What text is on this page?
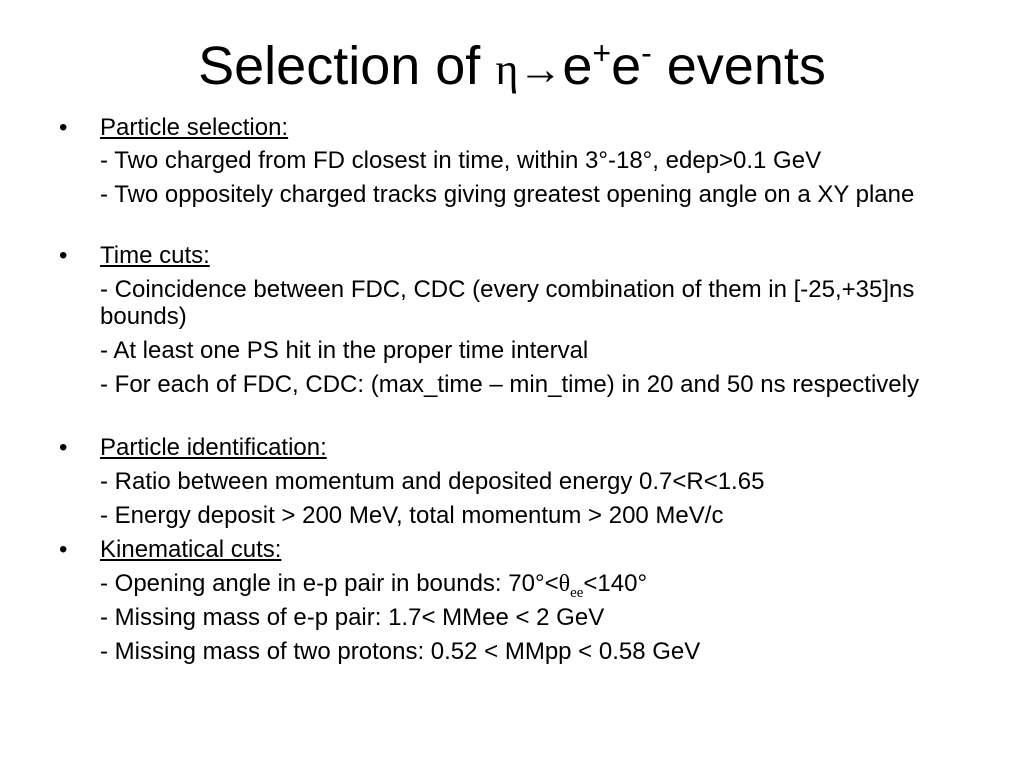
Selection of η→e+e- events
•	Particle selection:
- Two charged from FD closest in time, within 3°-18°, edep>0.1 GeV
- Two oppositely charged tracks giving greatest opening angle on a XY plane
•	Time cuts:
- Coincidence between FDC, CDC (every combination of them in [-25,+35]ns bounds)
- At least one PS hit in the proper time interval
- For each of FDC, CDC: (max_time – min_time) in 20 and 50 ns respectively
•	Particle identification:
- Ratio between momentum and deposited energy 0.7<R<1.65
- Energy deposit > 200 MeV, total momentum > 200 MeV/c
•	Kinematical cuts:
- Opening angle in e-p pair in bounds: $70^\circ<\theta_{ee}<140^\circ$
- Missing mass of e-p pair: 1.7< MMee < 2 GeV
- Missing mass of two protons: 0.52 < MMpp < 0.58 GeV
